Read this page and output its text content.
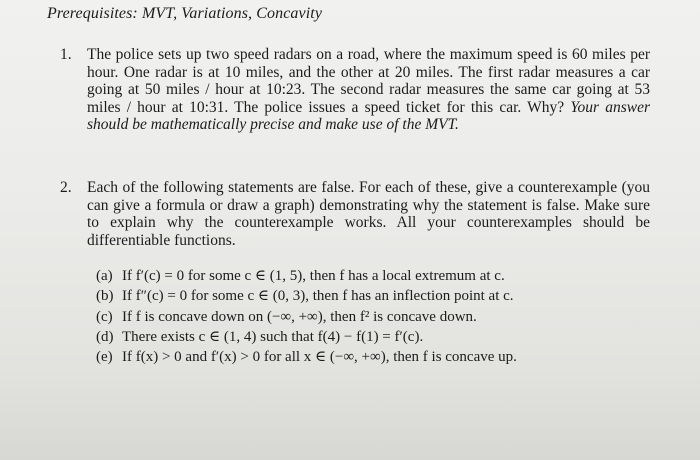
Prerequisites: MVT, Variations, Concavity
1. The police sets up two speed radars on a road, where the maximum speed is 60 miles per hour. One radar is at 10 miles, and the other at 20 miles. The first radar measures a car going at 50 miles / hour at 10:23. The second radar measures the same car going at 53 miles / hour at 10:31. The police issues a speed ticket for this car. Why? Your answer should be mathematically precise and make use of the MVT.
2. Each of the following statements are false. For each of these, give a counterexample (you can give a formula or draw a graph) demonstrating why the statement is false. Make sure to explain why the counterexample works. All your counterexamples should be differentiable functions.
(a) If f′(c) = 0 for some c ∈ (1, 5), then f has a local extremum at c.
(b) If f″(c) = 0 for some c ∈ (0, 3), then f has an inflection point at c.
(c) If f is concave down on (−∞, +∞), then f² is concave down.
(d) There exists c ∈ (1, 4) such that f(4) − f(1) = f′(c).
(e) If f(x) > 0 and f′(x) > 0 for all x ∈ (−∞, +∞), then f is concave up.
